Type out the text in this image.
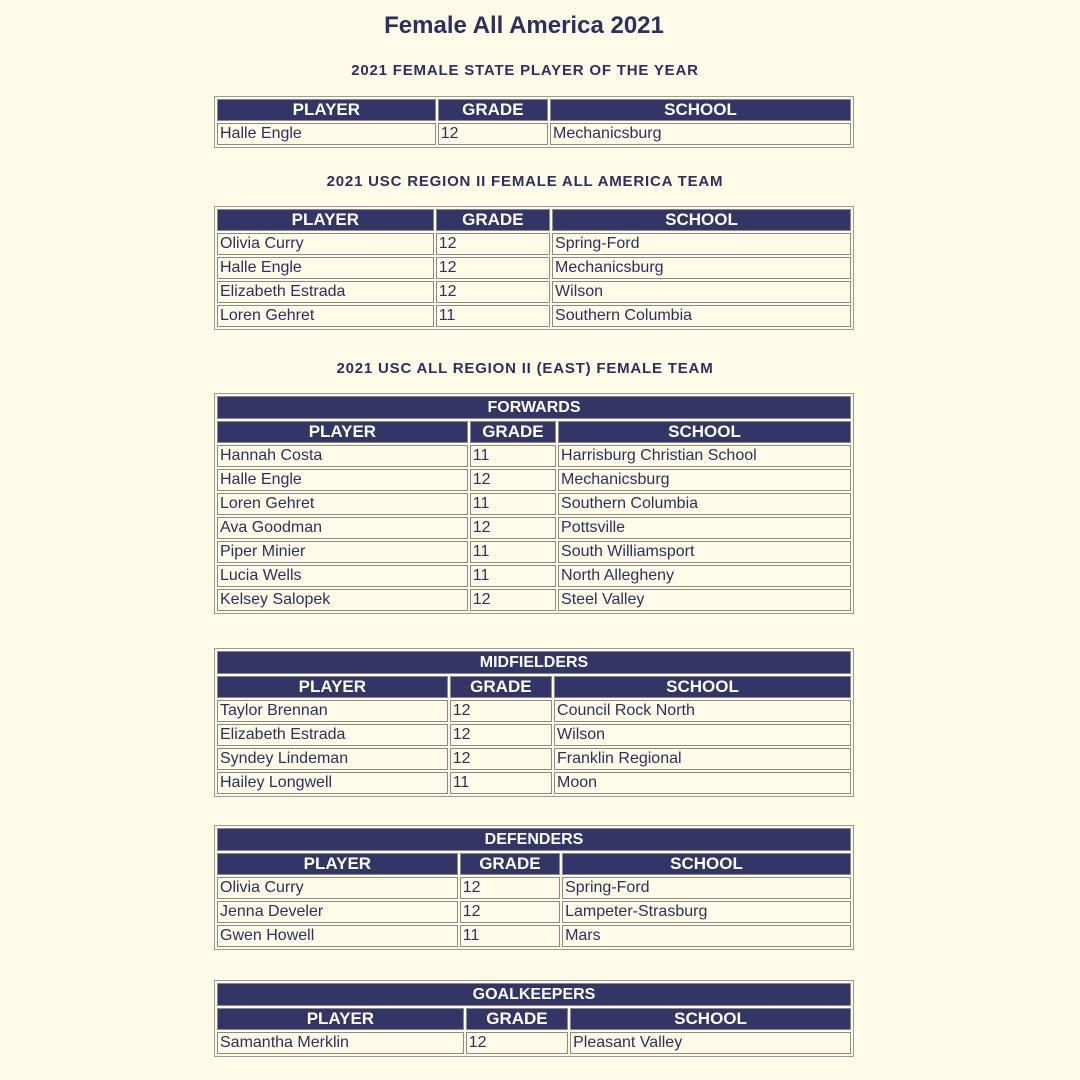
Female All America 2021
2021 FEMALE STATE PLAYER OF THE YEAR
PLAYER	GRADE	SCHOOL
Halle Engle	12	Mechanicsburg
2021 USC REGION II FEMALE ALL AMERICA TEAM
PLAYER	GRADE	SCHOOL
Olivia Curry	12	Spring-Ford
Halle Engle	12	Mechanicsburg
Elizabeth Estrada	12	Wilson
Loren Gehret	11	Southern Columbia
2021 USC ALL REGION II (EAST) FEMALE TEAM
FORWARDS		
PLAYER	GRADE	SCHOOL
Hannah Costa	11	Harrisburg Christian School
Halle Engle	12	Mechanicsburg
Loren Gehret	11	Southern Columbia
Ava Goodman	12	Pottsville
Piper Minier	11	South Williamsport
Lucia Wells	11	North Allegheny
Kelsey Salopek	12	Steel Valley
MIDFIELDERS		
PLAYER	GRADE	SCHOOL
Taylor Brennan	12	Council Rock North
Elizabeth Estrada	12	Wilson
Syndey Lindeman	12	Franklin Regional
Hailey Longwell	11	Moon
DEFENDERS		
PLAYER	GRADE	SCHOOL
Olivia Curry	12	Spring-Ford
Jenna Develer	12	Lampeter-Strasburg
Gwen Howell	11	Mars
GOALKEEPERS		
PLAYER	GRADE	SCHOOL
Samantha Merklin	12	Pleasant Valley
